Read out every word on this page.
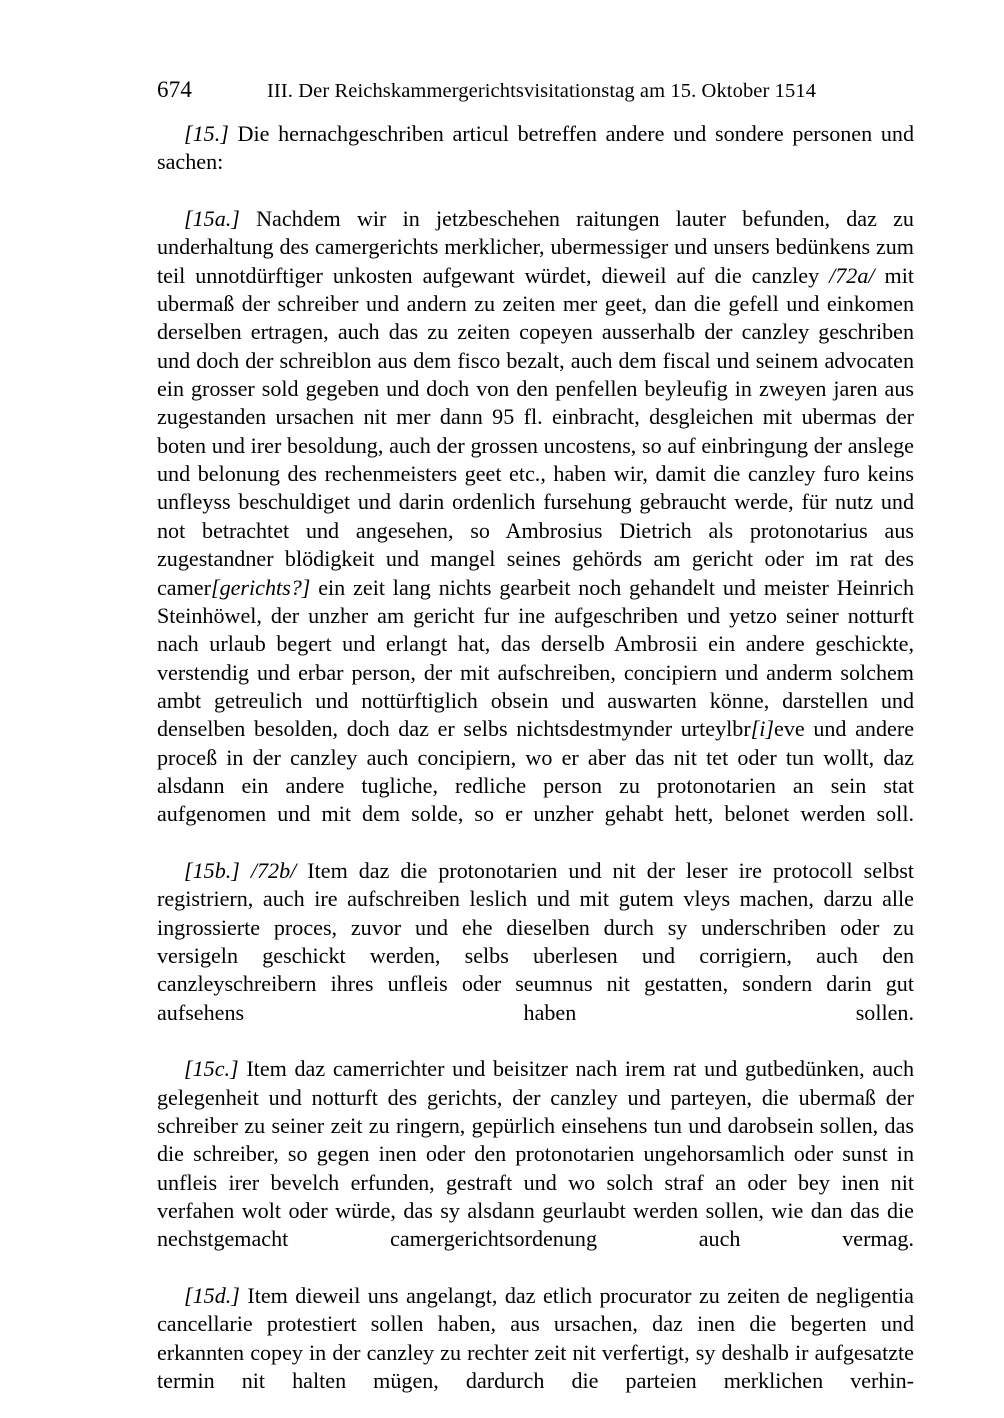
674	III. Der Reichskammergerichtsvisitationstag am 15. Oktober 1514

[15.] Die hernachgeschriben articul betreffen andere und sondere personen und sachen:

[15a.] Nachdem wir in jetzbeschehen raitungen lauter befunden, daz zu underhaltung des camergerichts merklicher, ubermessiger und unsers bedünkens zum teil unnotdürftiger unkosten aufgewant würdet, dieweil auf die canzley /72a/ mit ubermaß der schreiber und andern zu zeiten mer geet, dan die gefell und einkomen derselben ertragen, auch das zu zeiten copeyen ausserhalb der canzley geschriben und doch der schreiblon aus dem fisco bezalt, auch dem fiscal und seinem advocaten ein grosser sold gegeben und doch von den penfellen beyleufig in zweyen jaren aus zugestanden ursachen nit mer dann 95 fl. einbracht, desgleichen mit ubermas der boten und irer besoldung, auch der grossen uncostens, so auf einbringung der anslege und belonung des rechenmeisters geet etc., haben wir, damit die canzley furo keins unfleyss beschuldiget und darin ordenlich fursehung gebraucht werde, für nutz und not betrachtet und angesehen, so Ambrosius Dietrich als protonotarius aus zugestandner blödigkeit und mangel seines gehörds am gericht oder im rat des camer[gerichts?] ein zeit lang nichts gearbeit noch gehandelt und meister Heinrich Steinhöwel, der unzher am gericht fur ine aufgeschriben und yetzo seiner notturft nach urlaub begert und erlangt hat, das derselb Ambrosii ein andere geschickte, verstendig und erbar person, der mit aufschreiben, concipiern und anderm solchem ambt getreulich und nottürftiglich obsein und auswarten könne, darstellen und denselben besolden, doch daz er selbs nichtsdestmynder urteylbr[i]eve und andere proceß in der canzley auch concipiern, wo er aber das nit tet oder tun wollt, daz alsdann ein andere tugliche, redliche person zu protonotarien an sein stat aufgenomen und mit dem solde, so er unzher gehabt hett, belonet werden soll.

[15b.] /72b/ Item daz die protonotarien und nit der leser ire protocoll selbst registriern, auch ire aufschreiben leslich und mit gutem vleys machen, darzu alle ingrossierte proces, zuvor und ehe dieselben durch sy underschriben oder zu versigeln geschickt werden, selbs uberlesen und corrigiern, auch den canzleyschreibern ihres unfleis oder seumnus nit gestatten, sondern darin gut aufsehens haben sollen.

[15c.] Item daz camerrichter und beisitzer nach irem rat und gutbedünken, auch gelegenheit und notturft des gerichts, der canzley und parteyen, die ubermaß der schreiber zu seiner zeit zu ringern, gepürlich einsehens tun und darobsein sollen, das die schreiber, so gegen inen oder den protonotarien ungehorsamlich oder sunst in unfleis irer bevelch erfunden, gestraft und wo solch straf an oder bey inen nit verfahen wolt oder würde, das sy alsdann geurlaubt werden sollen, wie dan das die nechstgemacht camergerichtsordenung auch vermag.

[15d.] Item dieweil uns angelangt, daz etlich procurator zu zeiten de negligentia cancellarie protestiert sollen haben, aus ursachen, daz inen die begerten und erkannten copey in der canzley zu rechter zeit nit verfertigt, sy deshalb ir aufgesatzte termin nit halten mügen, dardurch die parteien merklichen verhin-
